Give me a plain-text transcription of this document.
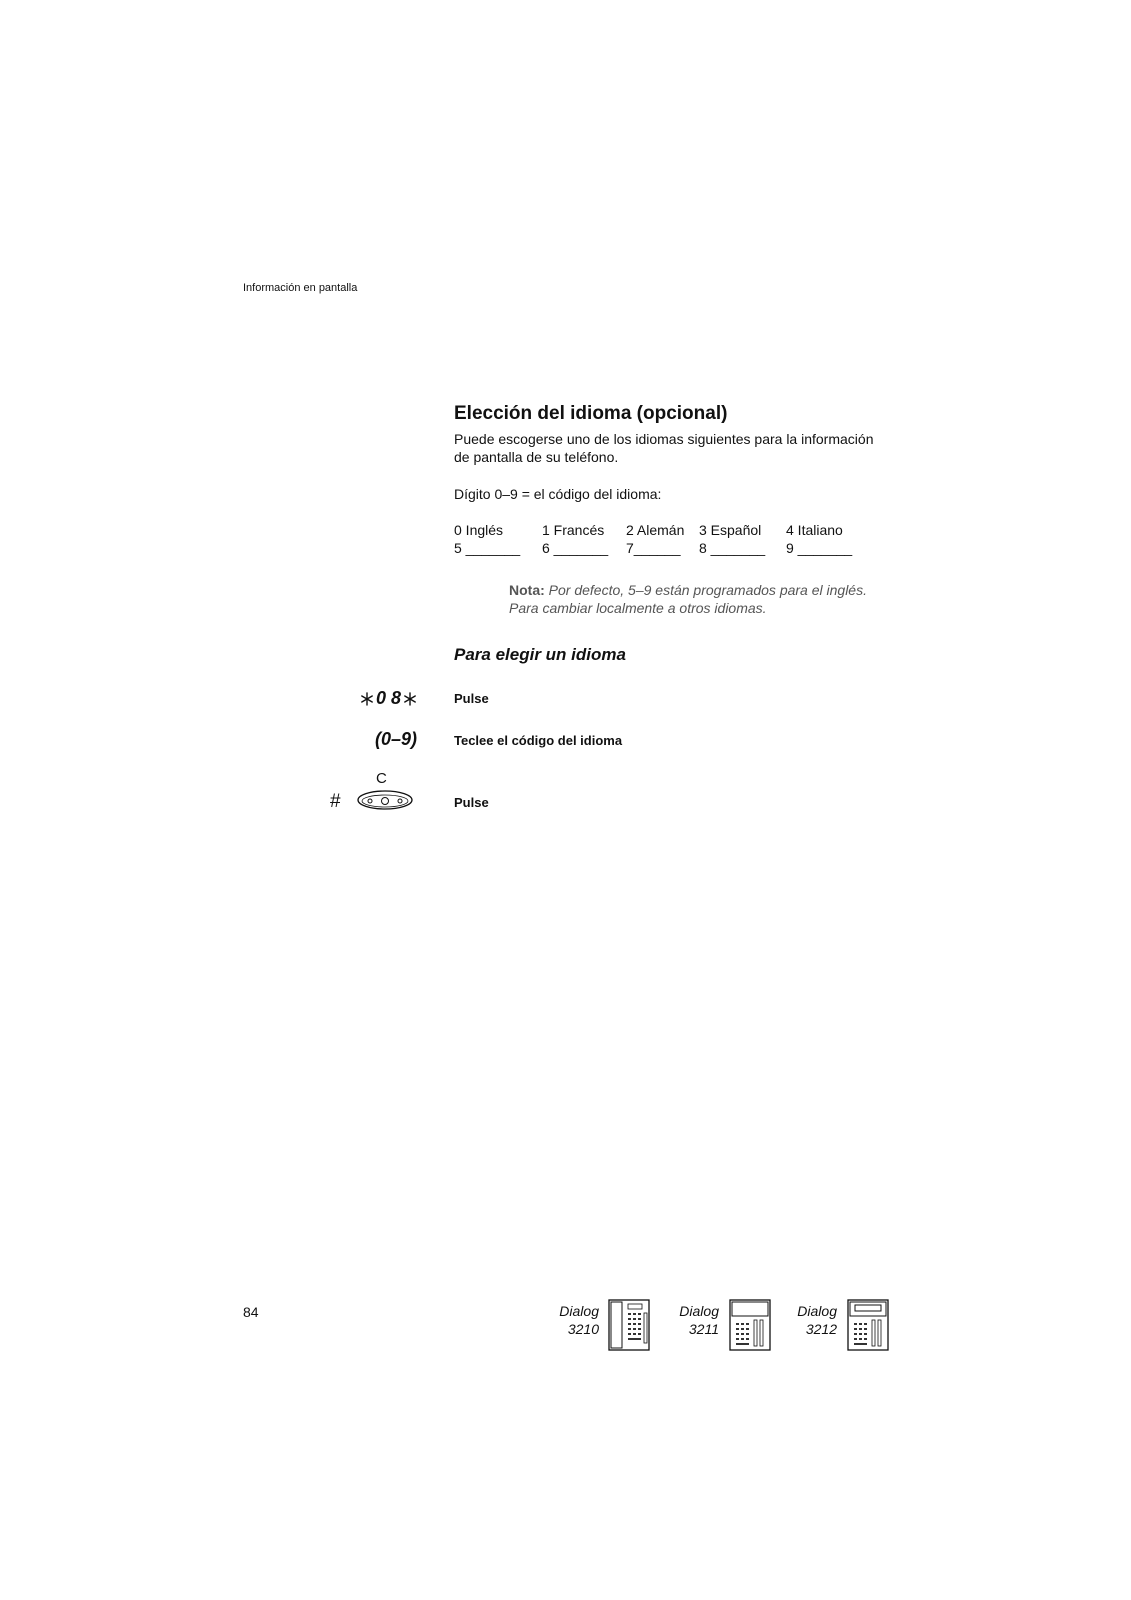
Información en pantalla
Elección del idioma (opcional)
Puede escogerse uno de los idiomas siguientes para la información
de pantalla de su teléfono.
Dígito 0–9 = el código del idioma:
0 Inglés	1 Francés 2 Alemán 3 Español 4 Italiano
5 _______ 6 _______ 7______ 8 _______ 9 _______
Nota: Por defecto, 5–9 están programados para el inglés.
Para cambiar localmente a otros idiomas.
Para elegir un idioma
0 8	Pulse
(0–9)	Teclee el código del idioma
#
C
Pulse
84	Dialog
3210
Dialog
3211
Dialog
3212
